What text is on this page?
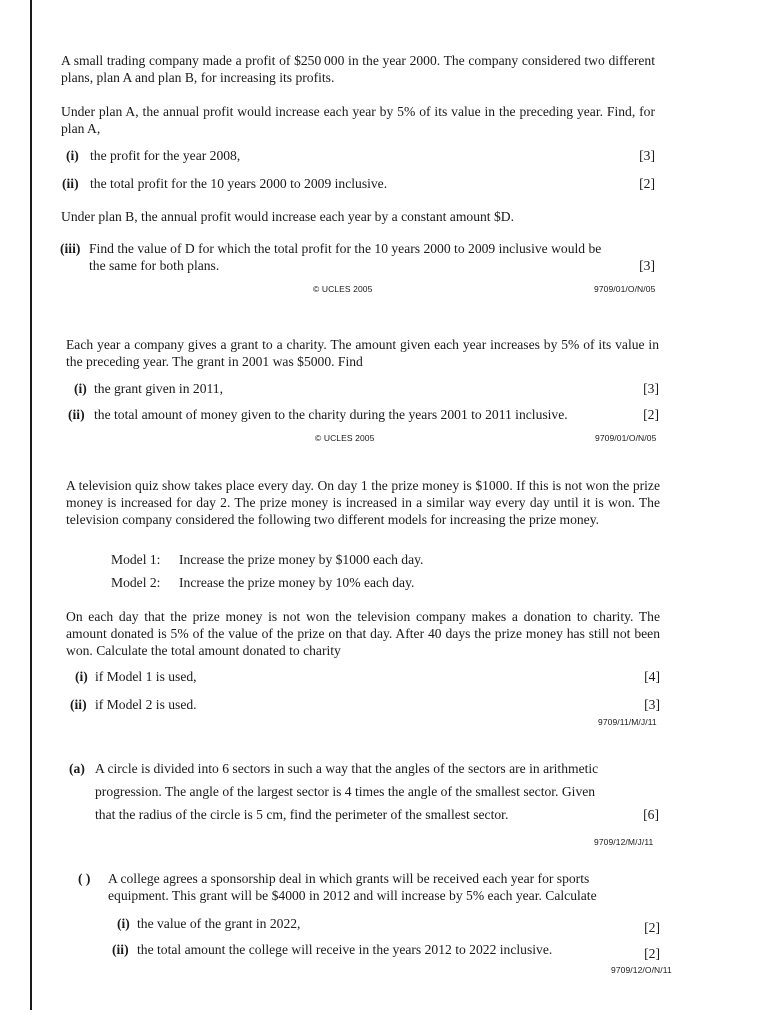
A small trading company made a profit of $250 000 in the year 2000. The company considered two different plans, plan A and plan B, for increasing its profits.

Under plan A, the annual profit would increase each year by 5% of its value in the preceding year. Find, for plan A,

(i) the profit for the year 2008,	[3]
(ii) the total profit for the 10 years 2000 to 2009 inclusive.	[2]
Under plan B, the annual profit would increase each year by a constant amount $D.
(iii) Find the value of D for which the total profit for the 10 years 2000 to 2009 inclusive would be
the same for both plans.	[3]
© UCLES 2005	9709/01/O/N/05

Each year a company gives a grant to a charity. The amount given each year increases by 5% of its value in the preceding year. The grant in 2001 was $5000. Find

(i) the grant given in 2011,	[3]
(ii) the total amount of money given to the charity during the years 2001 to 2011 inclusive.	[2]
© UCLES 2005	9709/01/O/N/05

A television quiz show takes place every day. On day 1 the prize money is $1000. If this is not won the prize money is increased for day 2. The prize money is increased in a similar way every day until it is won. The television company considered the following two different models for increasing the prize money.

Model 1: Increase the prize money by $1000 each day.
Model 2: Increase the prize money by 10% each day.

On each day that the prize money is not won the television company makes a donation to charity. The amount donated is 5% of the value of the prize on that day. After 40 days the prize money has still not been won. Calculate the total amount donated to charity

(i) if Model 1 is used,	[4]
(ii) if Model 2 is used.	[3]
9709/11/M/J/11
(a) A circle is divided into 6 sectors in such a way that the angles of the sectors are in arithmetic
progression. The angle of the largest sector is 4 times the angle of the smallest sector. Given
that the radius of the circle is 5 cm, find the perimeter of the smallest sector.	[6]
9709/12/M/J/11
( ) A college agrees a sponsorship deal in which grants will be received each year for sports
equipment. This grant will be $4000 in 2012 and will increase by 5% each year. Calculate
(i) the value of the grant in 2022,	[2]
(ii) the total amount the college will receive in the years 2012 to 2022 inclusive.	[2]
9709/12/O/N/11
